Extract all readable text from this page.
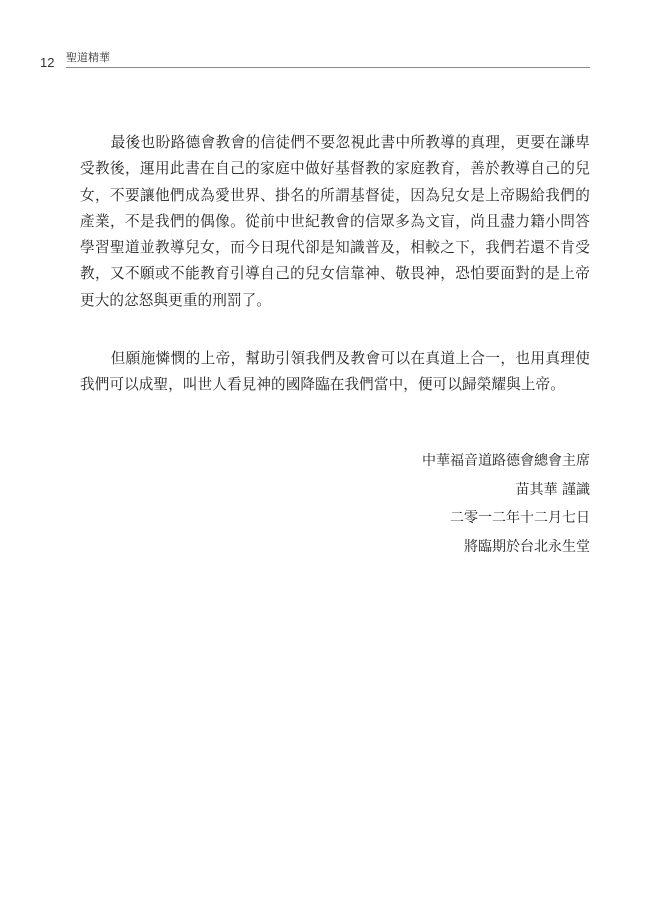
12 聖道精華

最後也盼路德會教會的信徒們不要忽視此書中所教導的真理，更要在謙卑受教後，運用此書在自己的家庭中做好基督教的家庭教育，善於教導自己的兒女，不要讓他們成為愛世界、掛名的所謂基督徒，因為兒女是上帝賜給我們的產業，不是我們的偶像。從前中世紀教會的信眾多為文盲，尚且盡力籍小問答學習聖道並教導兒女，而今日現代卻是知識普及，相較之下，我們若還不肯受教，又不願或不能教育引導自己的兒女信靠神、敬畏神，恐怕要面對的是上帝更大的忿怒與更重的刑罰了。

但願施憐憫的上帝，幫助引領我們及教會可以在真道上合一，也用真理使我們可以成聖，叫世人看見神的國降臨在我們當中，便可以歸榮耀與上帝。

中華福音道路德會總會主席
苗其華 謹識
二零一二年十二月七日
將臨期於台北永生堂
